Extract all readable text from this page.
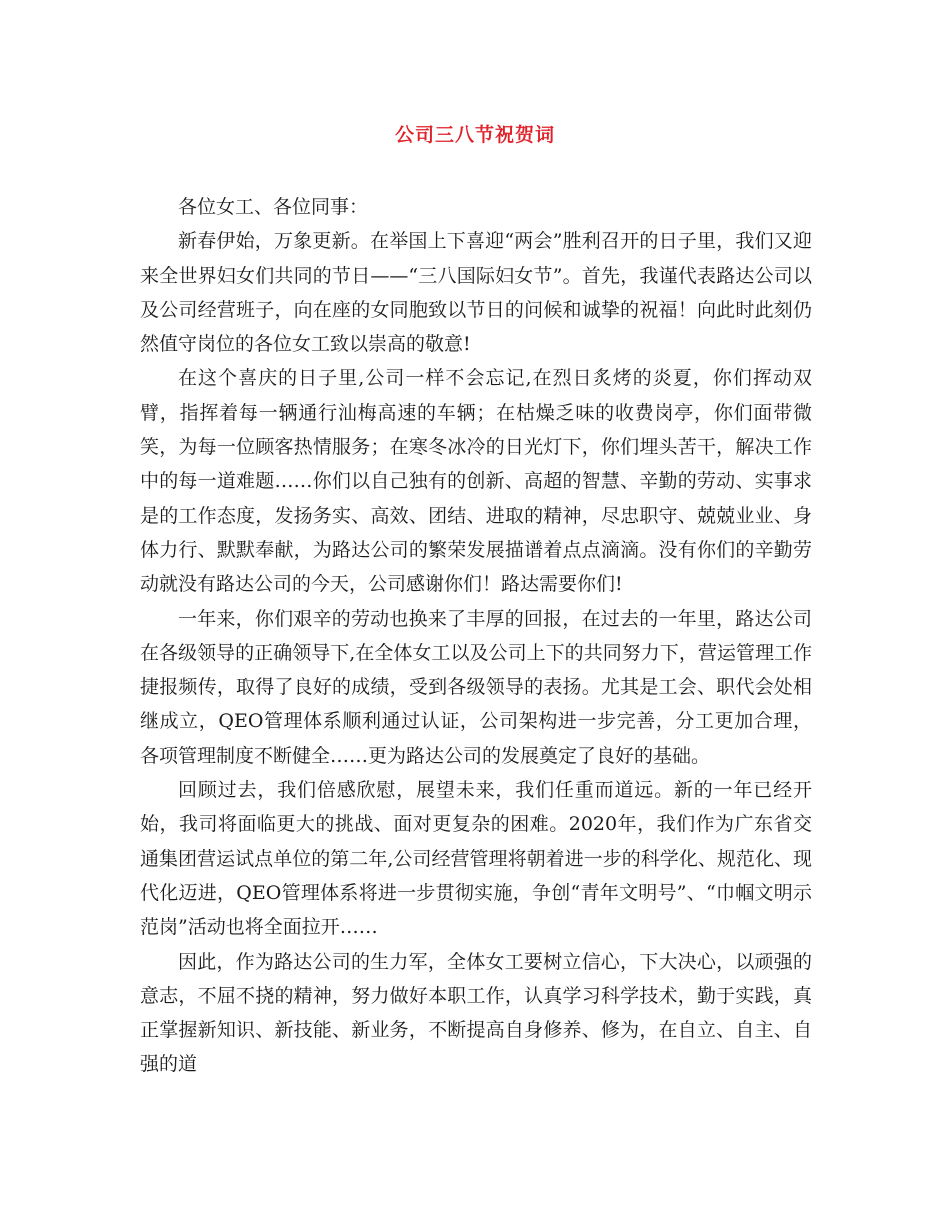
公司三八节祝贺词

各位女工、各位同事：

新春伊始，万象更新。在举国上下喜迎“两会”胜利召开的日子里，我们又迎来全世界妇女们共同的节日——“三八国际妇女节”。首先，我谨代表路达公司以及公司经营班子，向在座的女同胞致以节日的问候和诚挚的祝福！向此时此刻仍然值守岗位的各位女工致以崇高的敬意!

在这个喜庆的日子里,公司一样不会忘记,在烈日炙烤的炎夏，你们挥动双臂，指挥着每一辆通行汕梅高速的车辆；在枯燥乏味的收费岗亭，你们面带微笑，为每一位顾客热情服务；在寒冬冰冷的日光灯下，你们埋头苦干，解决工作中的每一道难题……你们以自己独有的创新、高超的智慧、辛勤的劳动、实事求是的工作态度，发扬务实、高效、团结、进取的精神，尽忠职守、兢兢业业、身体力行、默默奉献，为路达公司的繁荣发展描谱着点点滴滴。没有你们的辛勤劳动就没有路达公司的今天，公司感谢你们！路达需要你们!

一年来，你们艰辛的劳动也换来了丰厚的回报，在过去的一年里，路达公司在各级领导的正确领导下,在全体女工以及公司上下的共同努力下，营运管理工作捷报频传，取得了良好的成绩，受到各级领导的表扬。尤其是工会、职代会处相继成立，QEO管理体系顺利通过认证，公司架构进一步完善，分工更加合理，各项管理制度不断健全……更为路达公司的发展奠定了良好的基础。

回顾过去，我们倍感欣慰，展望未来，我们任重而道远。新的一年已经开始，我司将面临更大的挑战、面对更复杂的困难。2020年，我们作为广东省交通集团营运试点单位的第二年,公司经营管理将朝着进一步的科学化、规范化、现代化迈进，QEO管理体系将进一步贯彻实施，争创“青年文明号”、“巾帼文明示范岗”活动也将全面拉开……

因此，作为路达公司的生力军，全体女工要树立信心，下大决心，以顽强的意志，不屈不挠的精神，努力做好本职工作，认真学习科学技术，勤于实践，真正掌握新知识、新技能、新业务，不断提高自身修养、修为，在自立、自主、自强的道
